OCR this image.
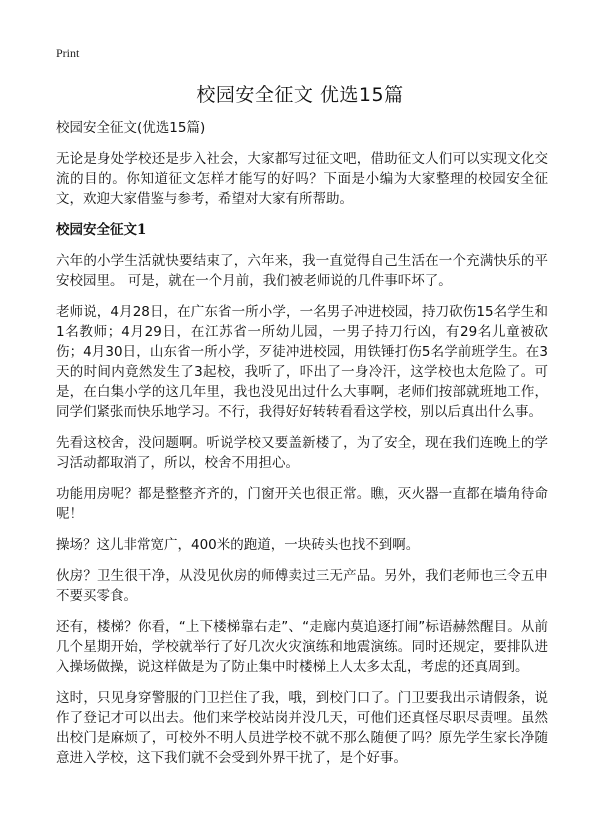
Print
校园安全征文 优选15篇
校园安全征文(优选15篇)

无论是身处学校还是步入社会，大家都写过征文吧，借助征文人们可以实现文化交流的目的。你知道征文怎样才能写的好吗？下面是小编为大家整理的校园安全征文，欢迎大家借鉴与参考，希望对大家有所帮助。

校园安全征文1

六年的小学生活就快要结束了，六年来，我一直觉得自己生活在一个充满快乐的平安校园里。 可是，就在一个月前，我们被老师说的几件事吓坏了。

老师说，4月28日，在广东省一所小学，一名男子冲进校园，持刀砍伤15名学生和1名教师；4月29日，在江苏省一所幼儿园，一男子持刀行凶，有29名儿童被砍伤；4月30日，山东省一所小学，歹徒冲进校园，用铁锤打伤5名学前班学生。在3天的时间内竟然发生了3起校，我听了，吓出了一身冷汗，这学校也太危险了。可是，在白集小学的这几年里，我也没见出过什么大事啊，老师们按部就班地工作，同学们紧张而快乐地学习。不行，我得好好转转看看这学校，别以后真出什么事。

先看这校舍，没问题啊。听说学校又要盖新楼了，为了安全，现在我们连晚上的学习活动都取消了，所以，校舍不用担心。

功能用房呢？都是整整齐齐的，门窗开关也很正常。瞧，灭火器一直都在墙角待命呢！

操场？这儿非常宽广，400米的跑道，一块砖头也找不到啊。

伙房？卫生很干净，从没见伙房的师傅卖过三无产品。另外，我们老师也三令五申不要买零食。

还有，楼梯？你看，“上下楼梯靠右走”、“走廊内莫追逐打闹”标语赫然醒目。从前几个星期开始，学校就举行了好几次火灾演练和地震演练。同时还规定，要排队进入操场做操，说这样做是为了防止集中时楼梯上人太多太乱，考虑的还真周到。

这时，只见身穿警服的门卫拦住了我，哦，到校门口了。门卫要我出示请假条，说作了登记才可以出去。他们来学校站岗并没几天，可他们还真怪尽职尽责哩。虽然出校门是麻烦了，可校外不明人员进学校不就不那么随便了吗？原先学生家长净随意进入学校，这下我们就不会受到外界干扰了，是个好事。
